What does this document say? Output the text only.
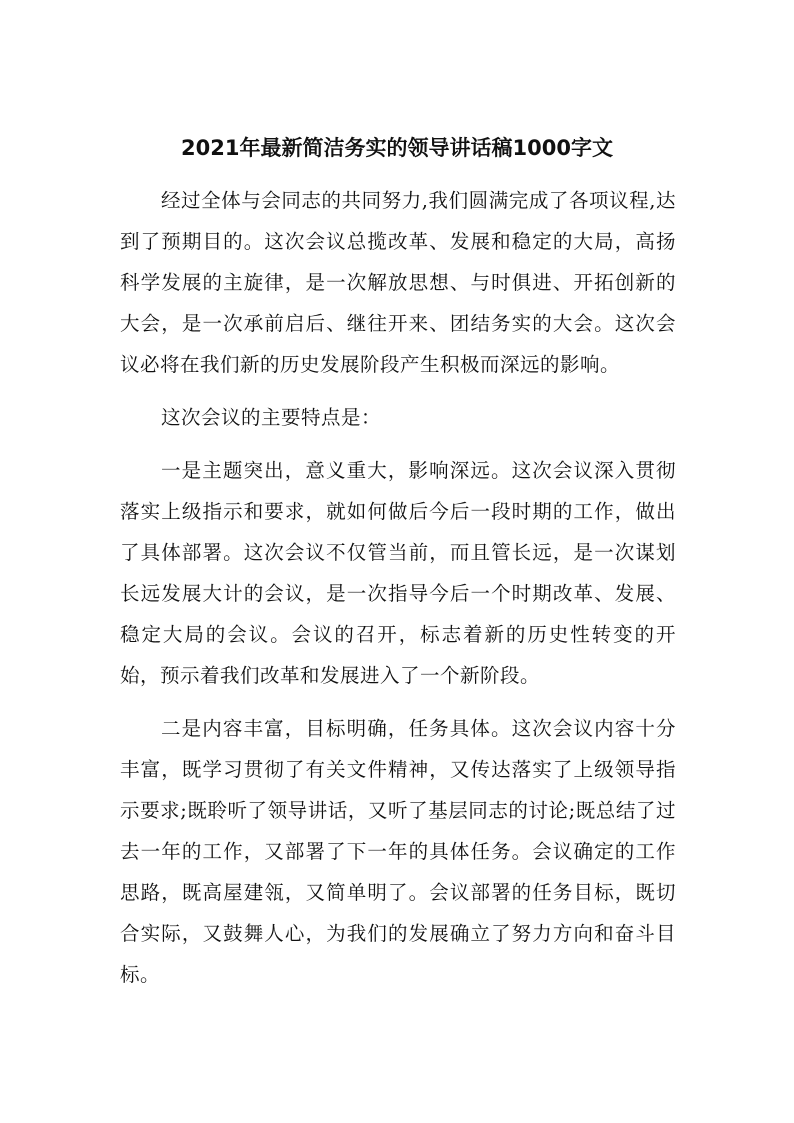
2021年最新简洁务实的领导讲话稿1000字文

经过全体与会同志的共同努力,我们圆满完成了各项议程,达到了预期目的。这次会议总揽改革、发展和稳定的大局，高扬科学发展的主旋律，是一次解放思想、与时俱进、开拓创新的大会，是一次承前启后、继往开来、团结务实的大会。这次会议必将在我们新的历史发展阶段产生积极而深远的影响。

这次会议的主要特点是：

一是主题突出，意义重大，影响深远。这次会议深入贯彻落实上级指示和要求，就如何做后今后一段时期的工作，做出了具体部署。这次会议不仅管当前，而且管长远，是一次谋划长远发展大计的会议，是一次指导今后一个时期改革、发展、稳定大局的会议。会议的召开，标志着新的历史性转变的开始，预示着我们改革和发展进入了一个新阶段。

二是内容丰富，目标明确，任务具体。这次会议内容十分丰富，既学习贯彻了有关文件精神，又传达落实了上级领导指示要求;既聆听了领导讲话，又听了基层同志的讨论;既总结了过去一年的工作，又部署了下一年的具体任务。会议确定的工作思路，既高屋建瓴，又简单明了。会议部署的任务目标，既切合实际，又鼓舞人心，为我们的发展确立了努力方向和奋斗目标。
